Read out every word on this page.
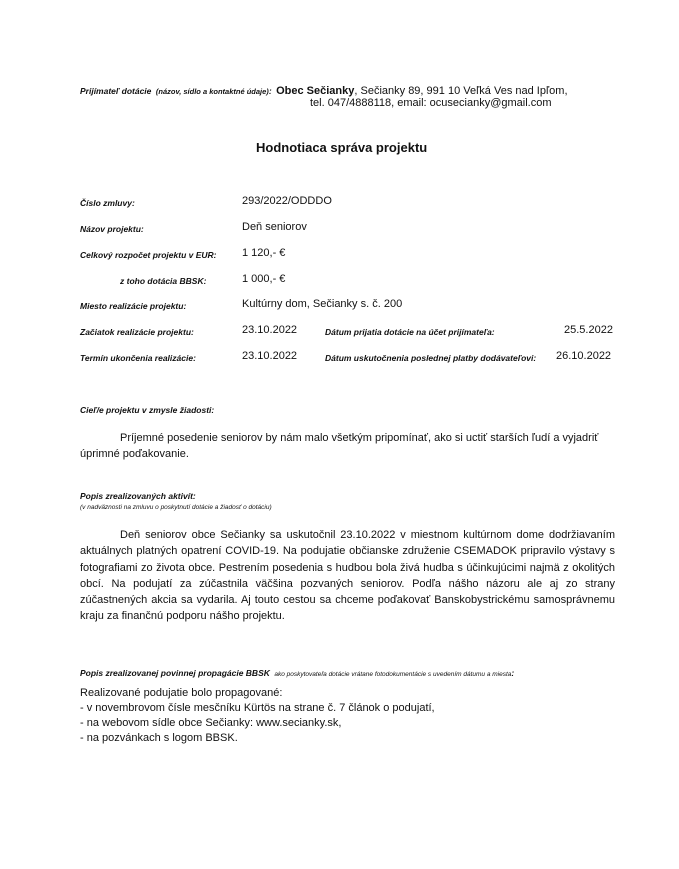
Prijímateľ dotácie (názov, sídlo a kontaktné údaje): Obec Sečianky, Sečianky 89, 991 10 Veľká Ves nad Ipľom,
tel. 047/4888118, email: ocusecianky@gmail.com
Hodnotiaca správa projektu
Číslo zmluvy:	293/2022/ODDDO
Názov projektu:	Deň seniorov
Celkový rozpočet projektu v EUR: 1 120,- €
z toho dotácia BBSK:	1 000,- €
Miesto realizácie projektu:	Kultúrny dom, Sečianky s. č. 200
Začiatok realizácie projektu:	23.10.2022	Dátum prijatia dotácie na účet prijímateľa:	25.5.2022
Termín ukončenia realizácie:	23.10.2022	Dátum uskutočnenia poslednej platby dodávateľovi: 26.10.2022
Cieľ/e projektu v zmysle žiadosti:
Príjemné posedenie seniorov by nám malo všetkým pripomínať, ako si uctiť starších ľudí a vyjadriť úprimné poďakovanie.
Popis zrealizovaných aktivít:
(v nadväznosti na zmluvu o poskytnutí dotácie a žiadosť o dotáciu)
Deň seniorov obce Sečianky sa uskutočnil 23.10.2022 v miestnom kultúrnom dome dodržiavaním aktuálnych platných opatrení COVID-19. Na podujatie občianske združenie CSEMADOK pripravilo výstavy s fotografiami zo života obce. Pestrením posedenia s hudbou bola živá hudba s účinkujúcimi najmä z okolitých obcí. Na podujatí za zúčastnila väčšina pozvaných seniorov. Podľa nášho názoru ale aj zo strany zúčastnených akcia sa vydarila. Aj touto cestou sa chceme poďakovať Banskobystrickému samosprávnemu kraju za finančnú podporu nášho projektu.
Popis zrealizovanej povinnej propagácie BBSK ako poskytovateľa dotácie vrátane fotodokumentácie s uvedením dátumu a miesta:
Realizované podujatie bolo propagované:
- v novembrovom čísle mesčníku Kürtös na strane č. 7 článok o podujatí,
- na webovom sídle obce Sečianky: www.secianky.sk,
- na pozvánkach s logom BBSK.
